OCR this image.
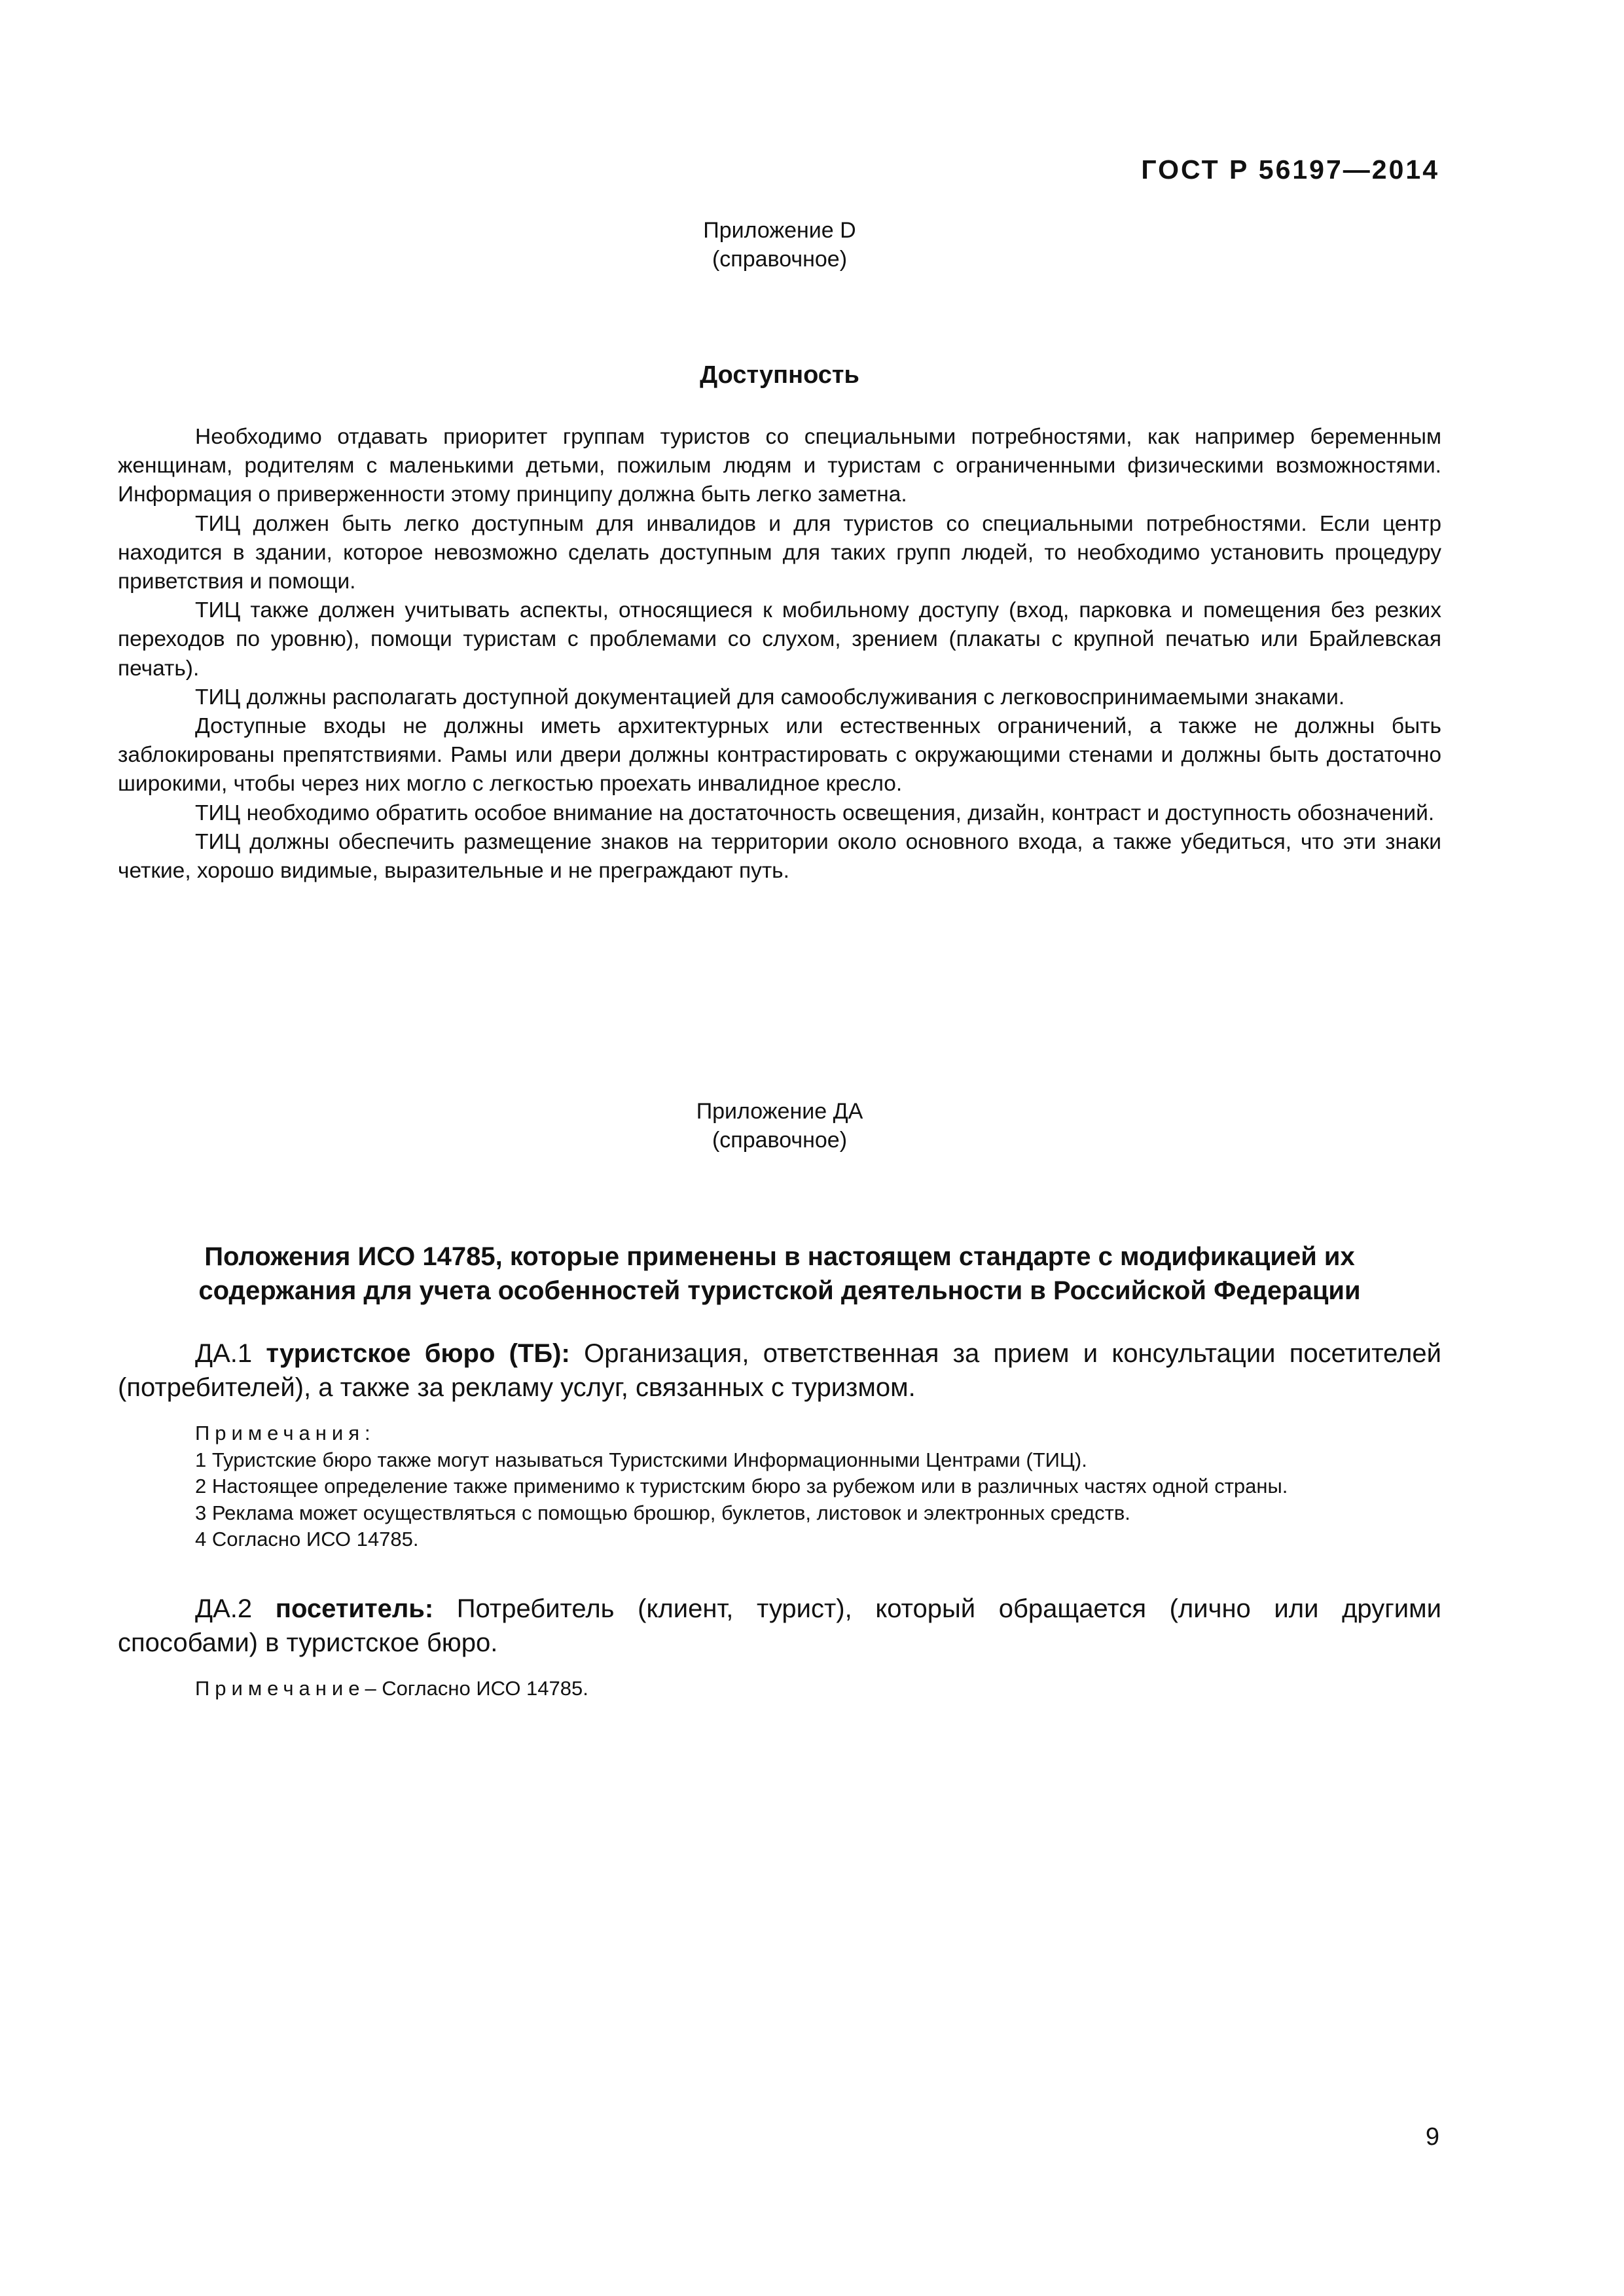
ГОСТ Р 56197—2014
Приложение D
(справочное)
Доступность

Необходимо отдавать приоритет группам туристов со специальными потребностями, как например беременным женщинам, родителям с маленькими детьми, пожилым людям и туристам с ограниченными физическими возможностями. Информация о приверженности этому принципу должна быть легко заметна.

ТИЦ должен быть легко доступным для инвалидов и для туристов со специальными потребностями. Если центр находится в здании, которое невозможно сделать доступным для таких групп людей, то необходимо установить процедуру приветствия и помощи.

ТИЦ также должен учитывать аспекты, относящиеся к мобильному доступу (вход, парковка и помещения без резких переходов по уровню), помощи туристам с проблемами со слухом, зрением (плакаты с крупной печатью или Брайлевская печать).

ТИЦ должны располагать доступной документацией для самообслуживания с легковоспринимаемыми знаками.

Доступные входы не должны иметь архитектурных или естественных ограничений, а также не должны быть заблокированы препятствиями. Рамы или двери должны контрастировать с окружающими стенами и должны быть достаточно широкими, чтобы через них могло с легкостью проехать инвалидное кресло.

ТИЦ необходимо обратить особое внимание на достаточность освещения, дизайн, контраст и доступность обозначений.

ТИЦ должны обеспечить размещение знаков на территории около основного входа, а также убедиться, что эти знаки четкие, хорошо видимые, выразительные и не преграждают путь.

Приложение ДА
(справочное)
Положения ИСО 14785, которые применены в настоящем стандарте с модификацией их
содержания для учета особенностей туристской деятельности в Российской Федерации

ДА.1 туристское бюро (ТБ): Организация, ответственная за прием и консультации посетителей (потребителей), а также за рекламу услуг, связанных с туризмом.

Примечания:

1 Туристские бюро также могут называться Туристскими Информационными Центрами (ТИЦ).

2 Настоящее определение также применимо к туристским бюро за рубежом или в различных частях одной страны.

3 Реклама может осуществляться с помощью брошюр, буклетов, листовок и электронных средств.

4 Согласно ИСО 14785.

ДА.2 посетитель: Потребитель (клиент, турист), который обращается (лично или другими способами) в туристское бюро.

Примечание– Согласно ИСО 14785.

9
